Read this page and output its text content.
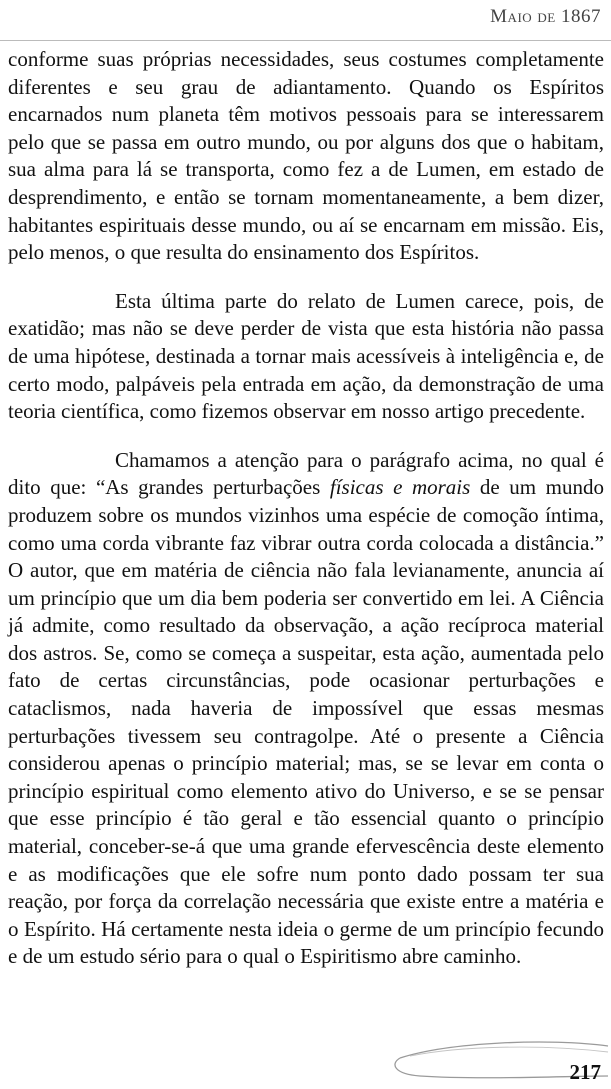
Maio de 1867

conforme suas próprias necessidades, seus costumes completamente diferentes e seu grau de adiantamento. Quando os Espíritos encarnados num planeta têm motivos pessoais para se interessarem pelo que se passa em outro mundo, ou por alguns dos que o habitam, sua alma para lá se transporta, como fez a de Lumen, em estado de desprendimento, e então se tornam momentaneamente, a bem dizer, habitantes espirituais desse mundo, ou aí se encarnam em missão. Eis, pelo menos, o que resulta do ensinamento dos Espíritos.

Esta última parte do relato de Lumen carece, pois, de exatidão; mas não se deve perder de vista que esta história não passa de uma hipótese, destinada a tornar mais acessíveis à inteligência e, de certo modo, palpáveis pela entrada em ação, da demonstração de uma teoria científica, como fizemos observar em nosso artigo precedente.

Chamamos a atenção para o parágrafo acima, no qual é dito que: “As grandes perturbações físicas e morais de um mundo produzem sobre os mundos vizinhos uma espécie de comoção íntima, como uma corda vibrante faz vibrar outra corda colocada a distância.” O autor, que em matéria de ciência não fala levianamente, anuncia aí um princípio que um dia bem poderia ser convertido em lei. A Ciência já admite, como resultado da observação, a ação recíproca material dos astros. Se, como se começa a suspeitar, esta ação, aumentada pelo fato de certas circunstâncias, pode ocasionar perturbações e cataclismos, nada haveria de impossível que essas mesmas perturbações tivessem seu contragolpe. Até o presente a Ciência considerou apenas o princípio material; mas, se se levar em conta o princípio espiritual como elemento ativo do Universo, e se se pensar que esse princípio é tão geral e tão essencial quanto o princípio material, conceber-se-á que uma grande efervescência deste elemento e as modificações que ele sofre num ponto dado possam ter sua reação, por força da correlação necessária que existe entre a matéria e o Espírito. Há certamente nesta ideia o germe de um princípio fecundo e de um estudo sério para o qual o Espiritismo abre caminho.

217
